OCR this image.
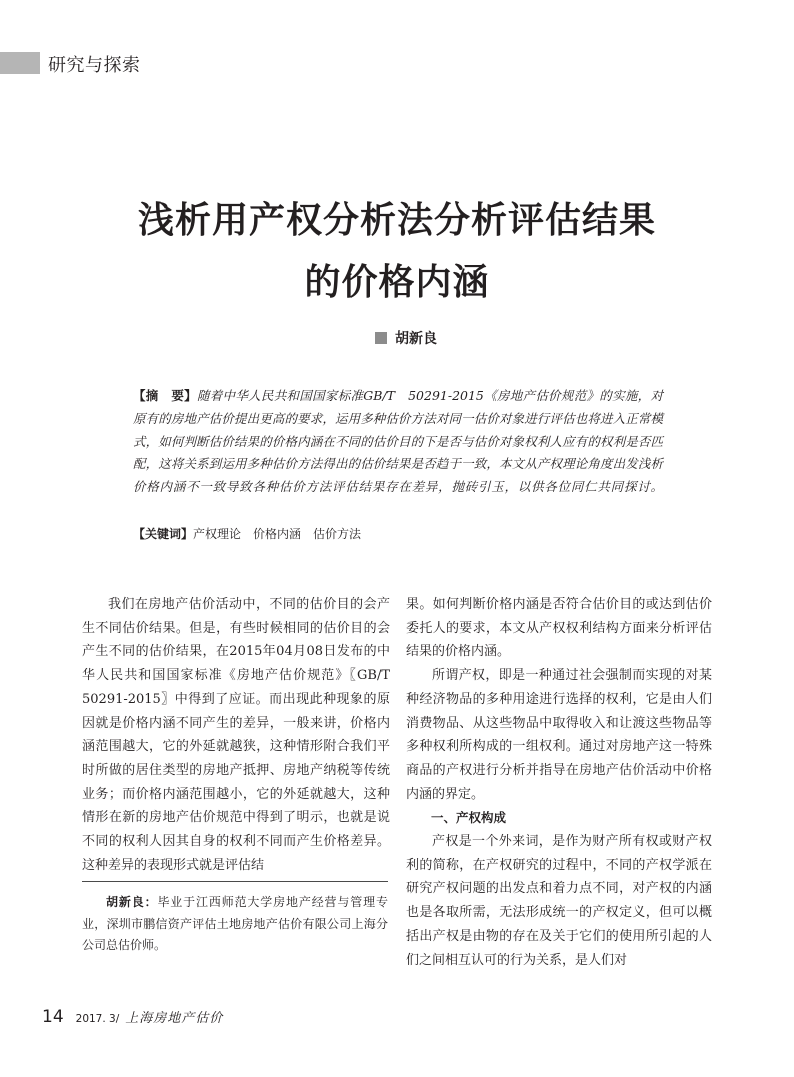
研究与探索
浅析用产权分析法分析评估结果
的价格内涵
胡新良
【摘　要】随着中华人民共和国国家标准GB/T　50291-2015《房地产估价规范》的实施，对原有的房地产估价提出更高的要求，运用多种估价方法对同一估价对象进行评估也将进入正常模式，如何判断估价结果的价格内涵在不同的估价目的下是否与估价对象权利人应有的权利是否匹配，这将关系到运用多种估价方法得出的估价结果是否趋于一致，本文从产权理论角度出发浅析价格内涵不一致导致各种估价方法评估结果存在差异，抛砖引玉，以供各位同仁共同探讨。
【关键词】产权理论　价格内涵　估价方法

我们在房地产估价活动中，不同的估价目的会产生不同估价结果。但是，有些时候相同的估价目的会产生不同的估价结果，在2015年04月08日发布的中华人民共和国国家标准《房地产估价规范》〖GB/T 50291-2015〗中得到了应证。而出现此种现象的原因就是价格内涵不同产生的差异，一般来讲，价格内涵范围越大，它的外延就越狭，这种情形附合我们平时所做的居住类型的房地产抵押、房地产纳税等传统业务；而价格内涵范围越小，它的外延就越大，这种情形在新的房地产估价规范中得到了明示，也就是说不同的权利人因其自身的权利不同而产生价格差异。这种差异的表现形式就是评估结

果。如何判断价格内涵是否符合估价目的或达到估价委托人的要求，本文从产权权利结构方面来分析评估结果的价格内涵。

所谓产权，即是一种通过社会强制而实现的对某种经济物品的多种用途进行选择的权利，它是由人们消费物品、从这些物品中取得收入和让渡这些物品等多种权利所构成的一组权利。通过对房地产这一特殊商品的产权进行分析并指导在房地产估价活动中价格内涵的界定。

一、产权构成

产权是一个外来词，是作为财产所有权或财产权利的简称，在产权研究的过程中，不同的产权学派在研究产权问题的出发点和着力点不同，对产权的内涵也是各取所需，无法形成统一的产权定义，但可以概括出产权是由物的存在及关于它们的使用所引起的人们之间相互认可的行为关系，是人们对

胡新良：毕业于江西师范大学房地产经营与管理专业，深圳市鹏信资产评估土地房地产估价有限公司上海分公司总估价师。
14 2017. 3/ 上海房地产估价
